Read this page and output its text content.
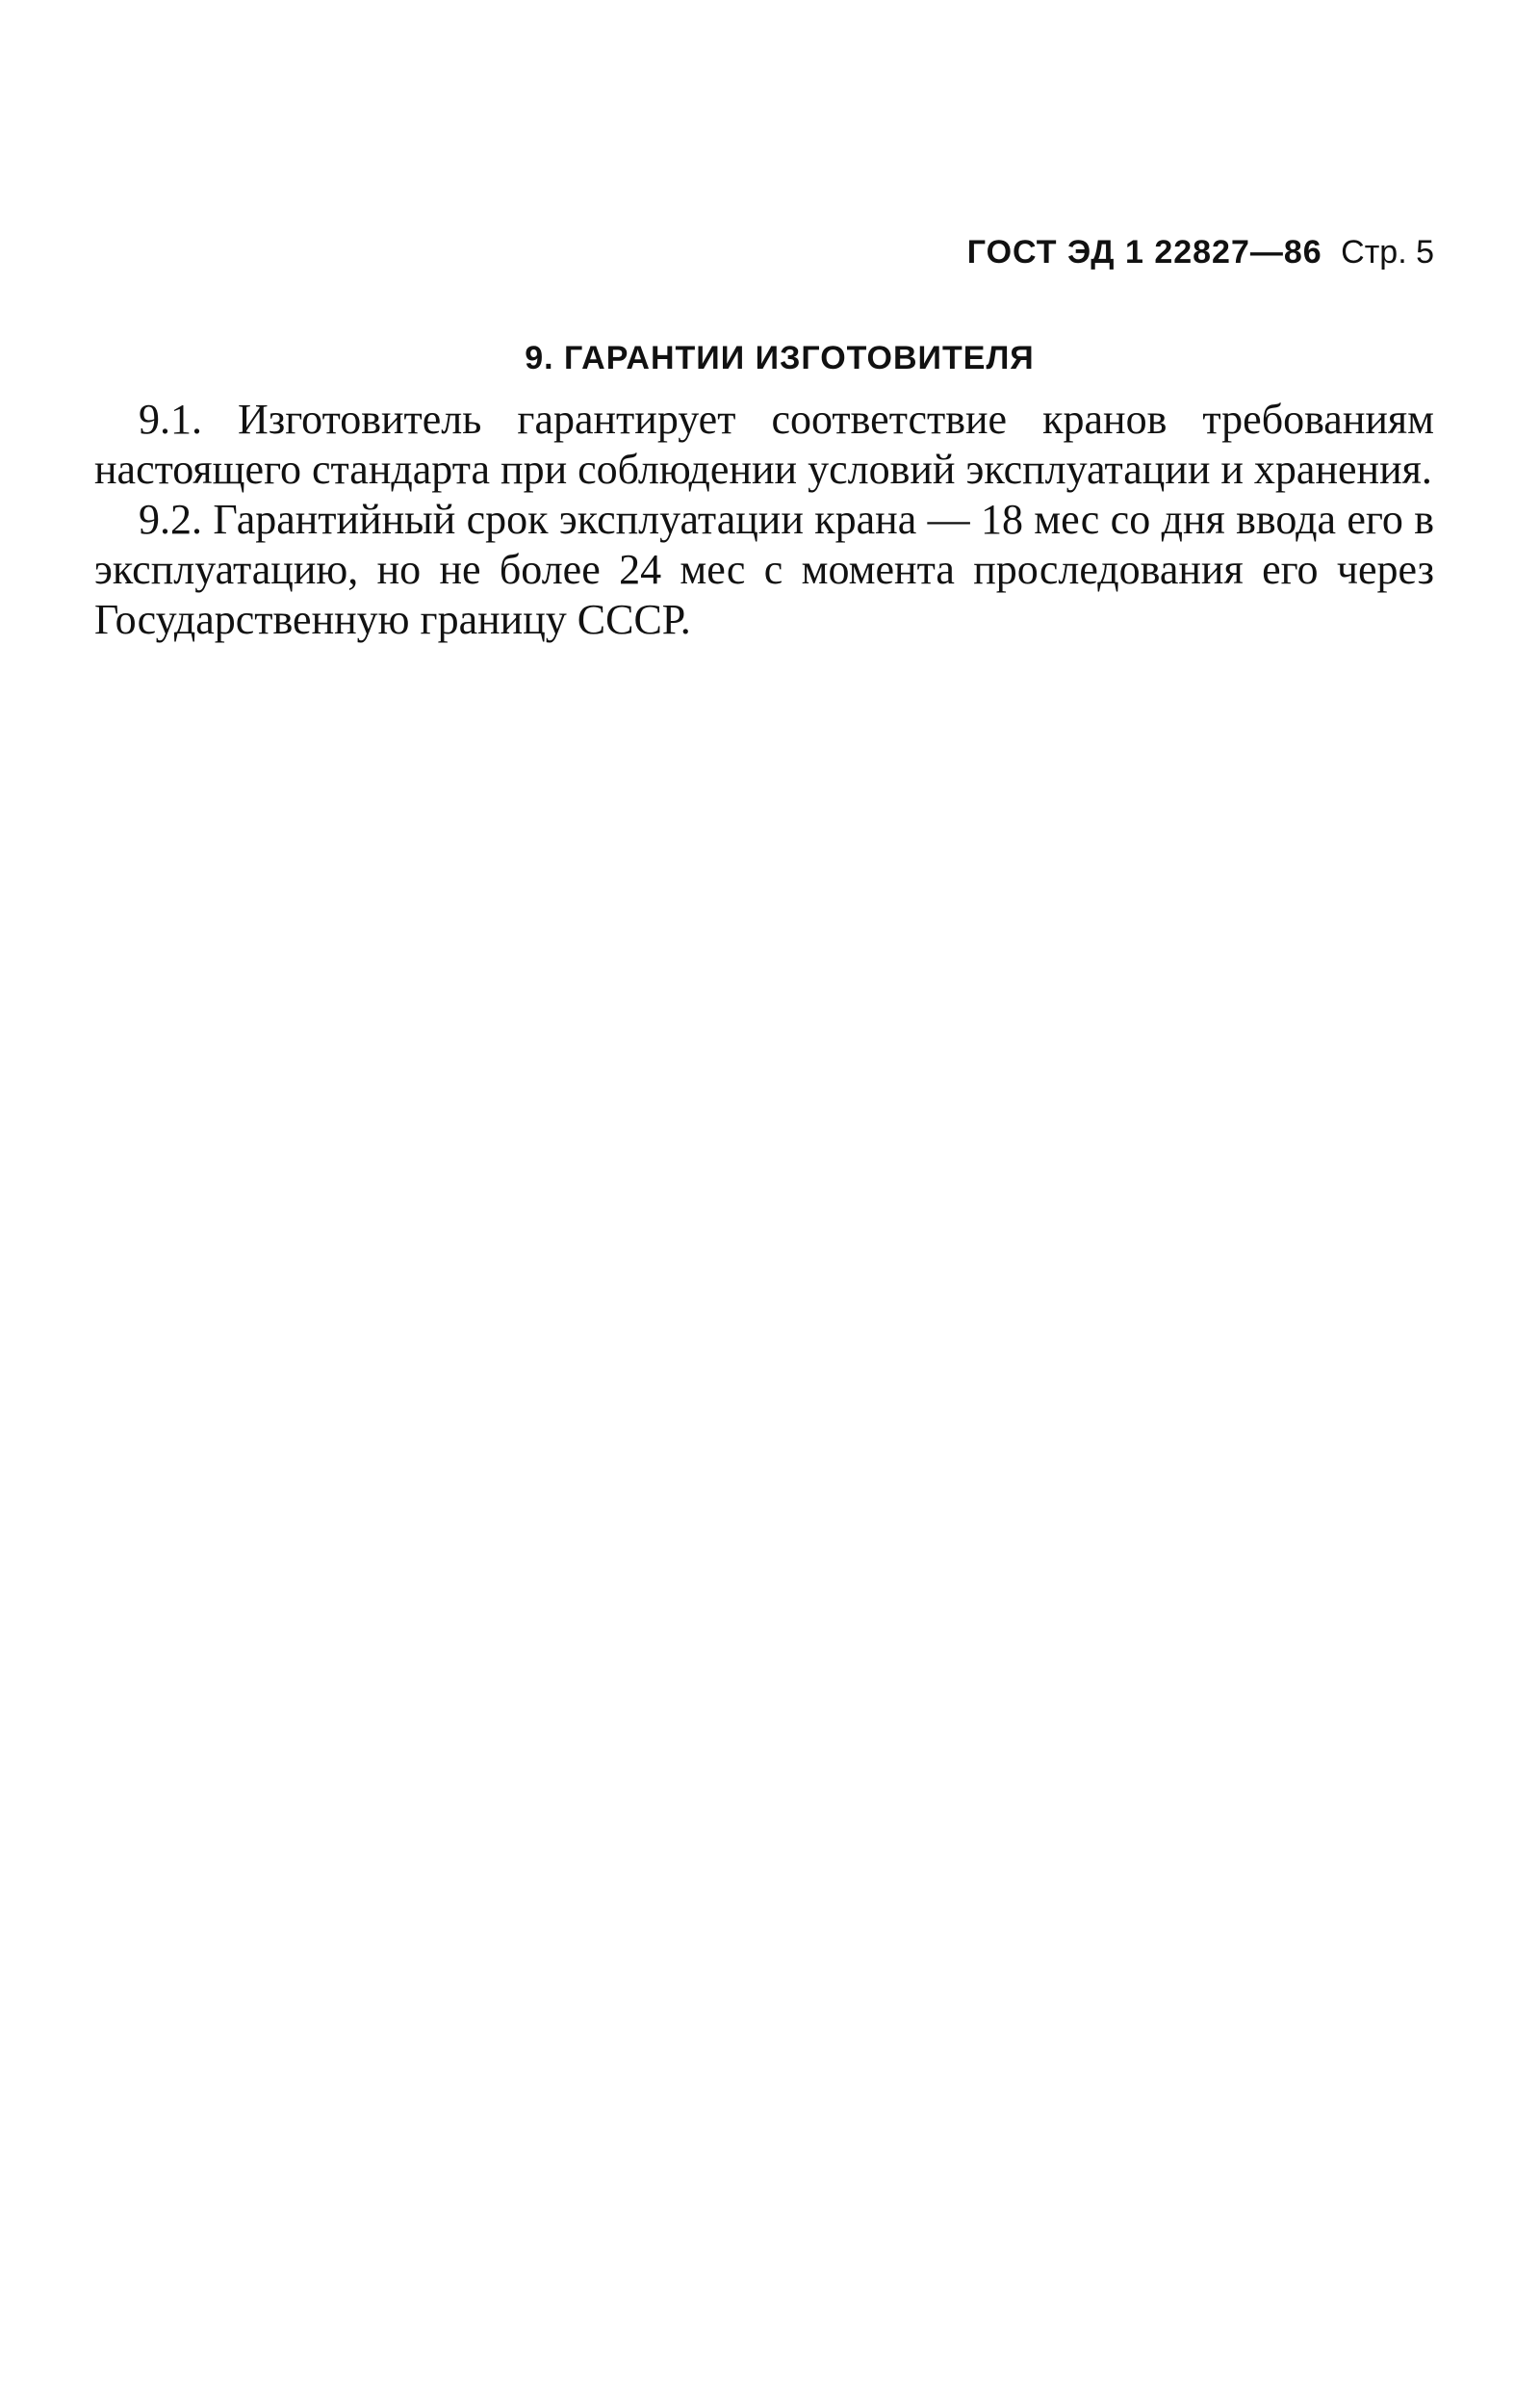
ГОСТ ЭД 1 22827—86 Стр. 5
9. ГАРАНТИИ ИЗГОТОВИТЕЛЯ

9.1. Изготовитель гарантирует соответствие кранов требованиям настоящего стандарта при соблюдении условий эксплуатации и хранения.

9.2. Гарантийный срок эксплуатации крана — 18 мес со дня ввода его в эксплуатацию, но не более 24 мес с момента проследования его через Государственную границу СССР.
